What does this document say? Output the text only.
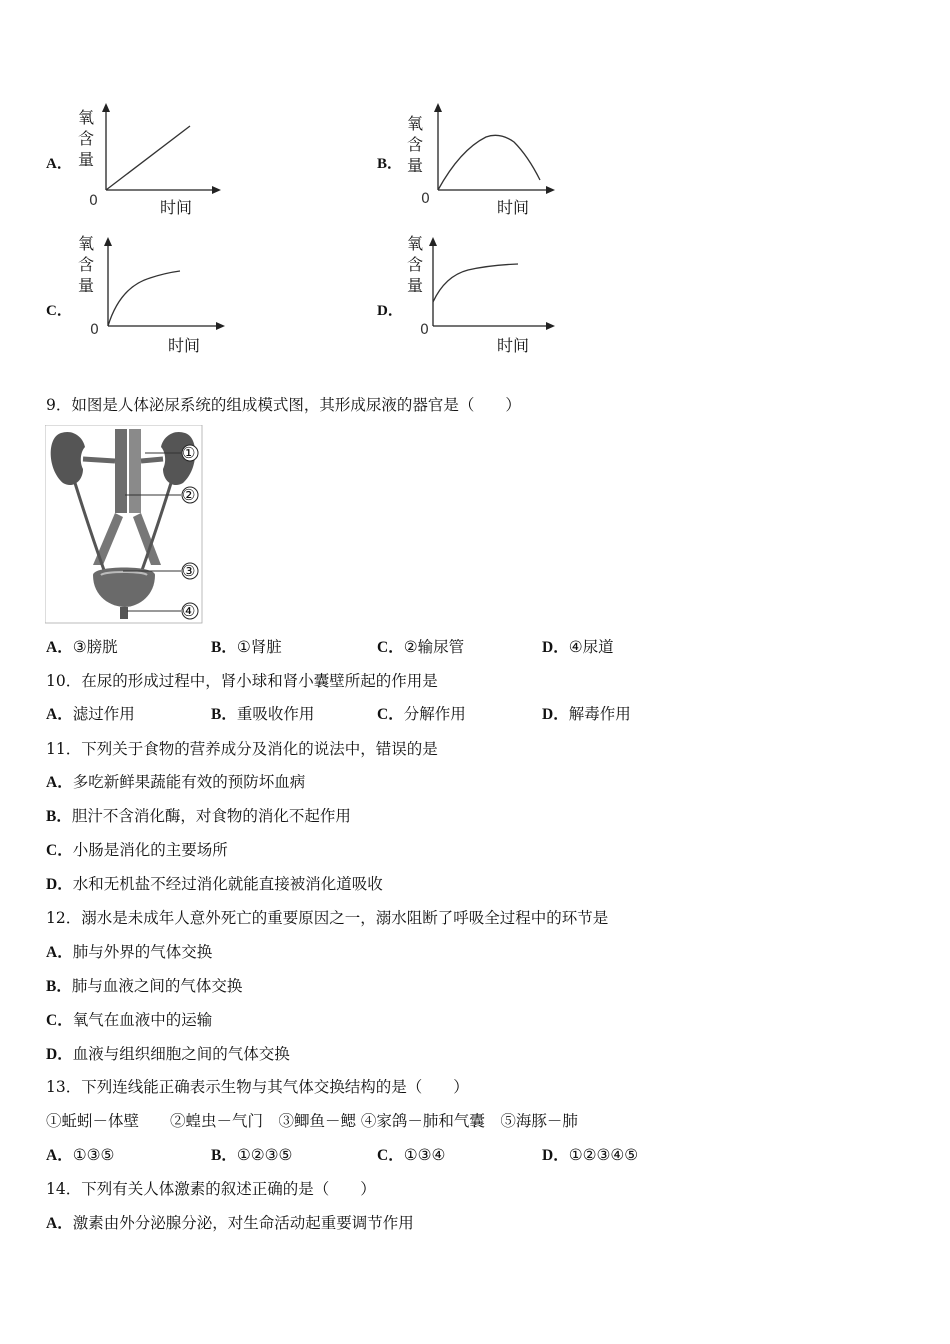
A．	B．
C．	D．
氧
含
量
0	时间
氧
含
量
0	时间
氧
含
量
0
时间
氧
含
量
0
时间
9．如图是人体泌尿系统的组成模式图，其形成尿液的器官是（　　）
①
②
③
④
A．③膀胱	B．①肾脏	C．②输尿管	D．④尿道
10．在尿的形成过程中，肾小球和肾小囊壁所起的作用是
A．滤过作用	B．重吸收作用	C．分解作用	D．解毒作用
11．下列关于食物的营养成分及消化的说法中，错误的是
A．多吃新鲜果蔬能有效的预防坏血病
B．胆汁不含消化酶，对食物的消化不起作用
C．小肠是消化的主要场所
D．水和无机盐不经过消化就能直接被消化道吸收
12．溺水是未成年人意外死亡的重要原因之一，溺水阻断了呼吸全过程中的环节是
A．肺与外界的气体交换
B．肺与血液之间的气体交换
C．氧气在血液中的运输
D．血液与组织细胞之间的气体交换
13．下列连线能正确表示生物与其气体交换结构的是（　　）
①蚯蚓－体壁　　②蝗虫－气门　③鲫鱼－鳃 ④家鸽－肺和气囊　⑤海豚－肺
A．①③⑤	B．①②③⑤	C．①③④	D．①②③④⑤
14．下列有关人体激素的叙述正确的是（　　）
A．激素由外分泌腺分泌，对生命活动起重要调节作用
